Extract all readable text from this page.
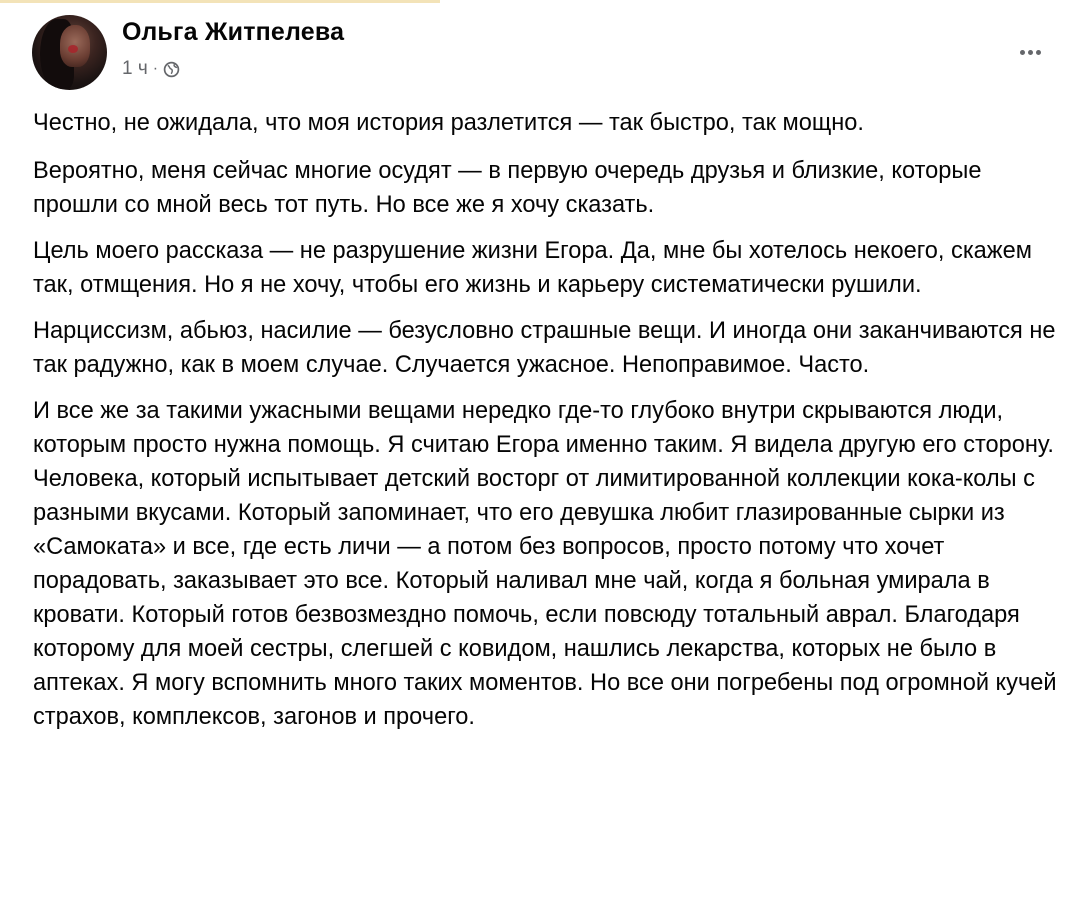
Ольга Житпелева
1 ч ·

Честно, не ожидала, что моя история разлетится — так быстро, так мощно.

Вероятно, меня сейчас многие осудят — в первую очередь друзья и близкие, которые прошли со мной весь тот путь. Но все же я хочу сказать.

Цель моего рассказа — не разрушение жизни Егора. Да, мне бы хотелось некоего, скажем так, отмщения. Но я не хочу, чтобы его жизнь и карьеру систематически рушили.

Нарциссизм, абьюз, насилие — безусловно страшные вещи. И иногда они заканчиваются не так радужно, как в моем случае. Случается ужасное. Непоправимое. Часто.

И все же за такими ужасными вещами нередко где-то глубоко внутри скрываются люди, которым просто нужна помощь. Я считаю Егора именно таким. Я видела другую его сторону. Человека, который испытывает детский восторг от лимитированной коллекции кока-колы с разными вкусами. Который запоминает, что его девушка любит глазированные сырки из «Самоката» и все, где есть личи — а потом без вопросов, просто потому что хочет порадовать, заказывает это все. Который наливал мне чай, когда я больная умирала в кровати. Который готов безвозмездно помочь, если повсюду тотальный аврал. Благодаря которому для моей сестры, слегшей с ковидом, нашлись лекарства, которых не было в аптеках. Я могу вспомнить много таких моментов. Но все они погребены под огромной кучей страхов, комплексов, загонов и прочего.
